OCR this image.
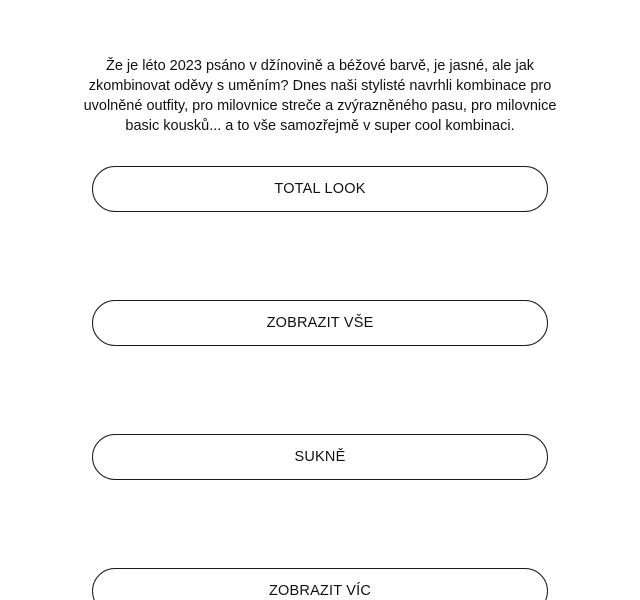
Že je léto 2023 psáno v džínovině a béžové barvě, je jasné, ale jak zkombinovat oděvy s uměním? Dnes naši stylisté navrhli kombinace pro uvolněné outfity, pro milovnice streče a zvýrazněného pasu, pro milovnice basic kousků... a to vše samozřejmě v super cool kombinaci.

TOTAL LOOK
ZOBRAZIT VŠE
SUKNĚ
ZOBRAZIT VÍC
